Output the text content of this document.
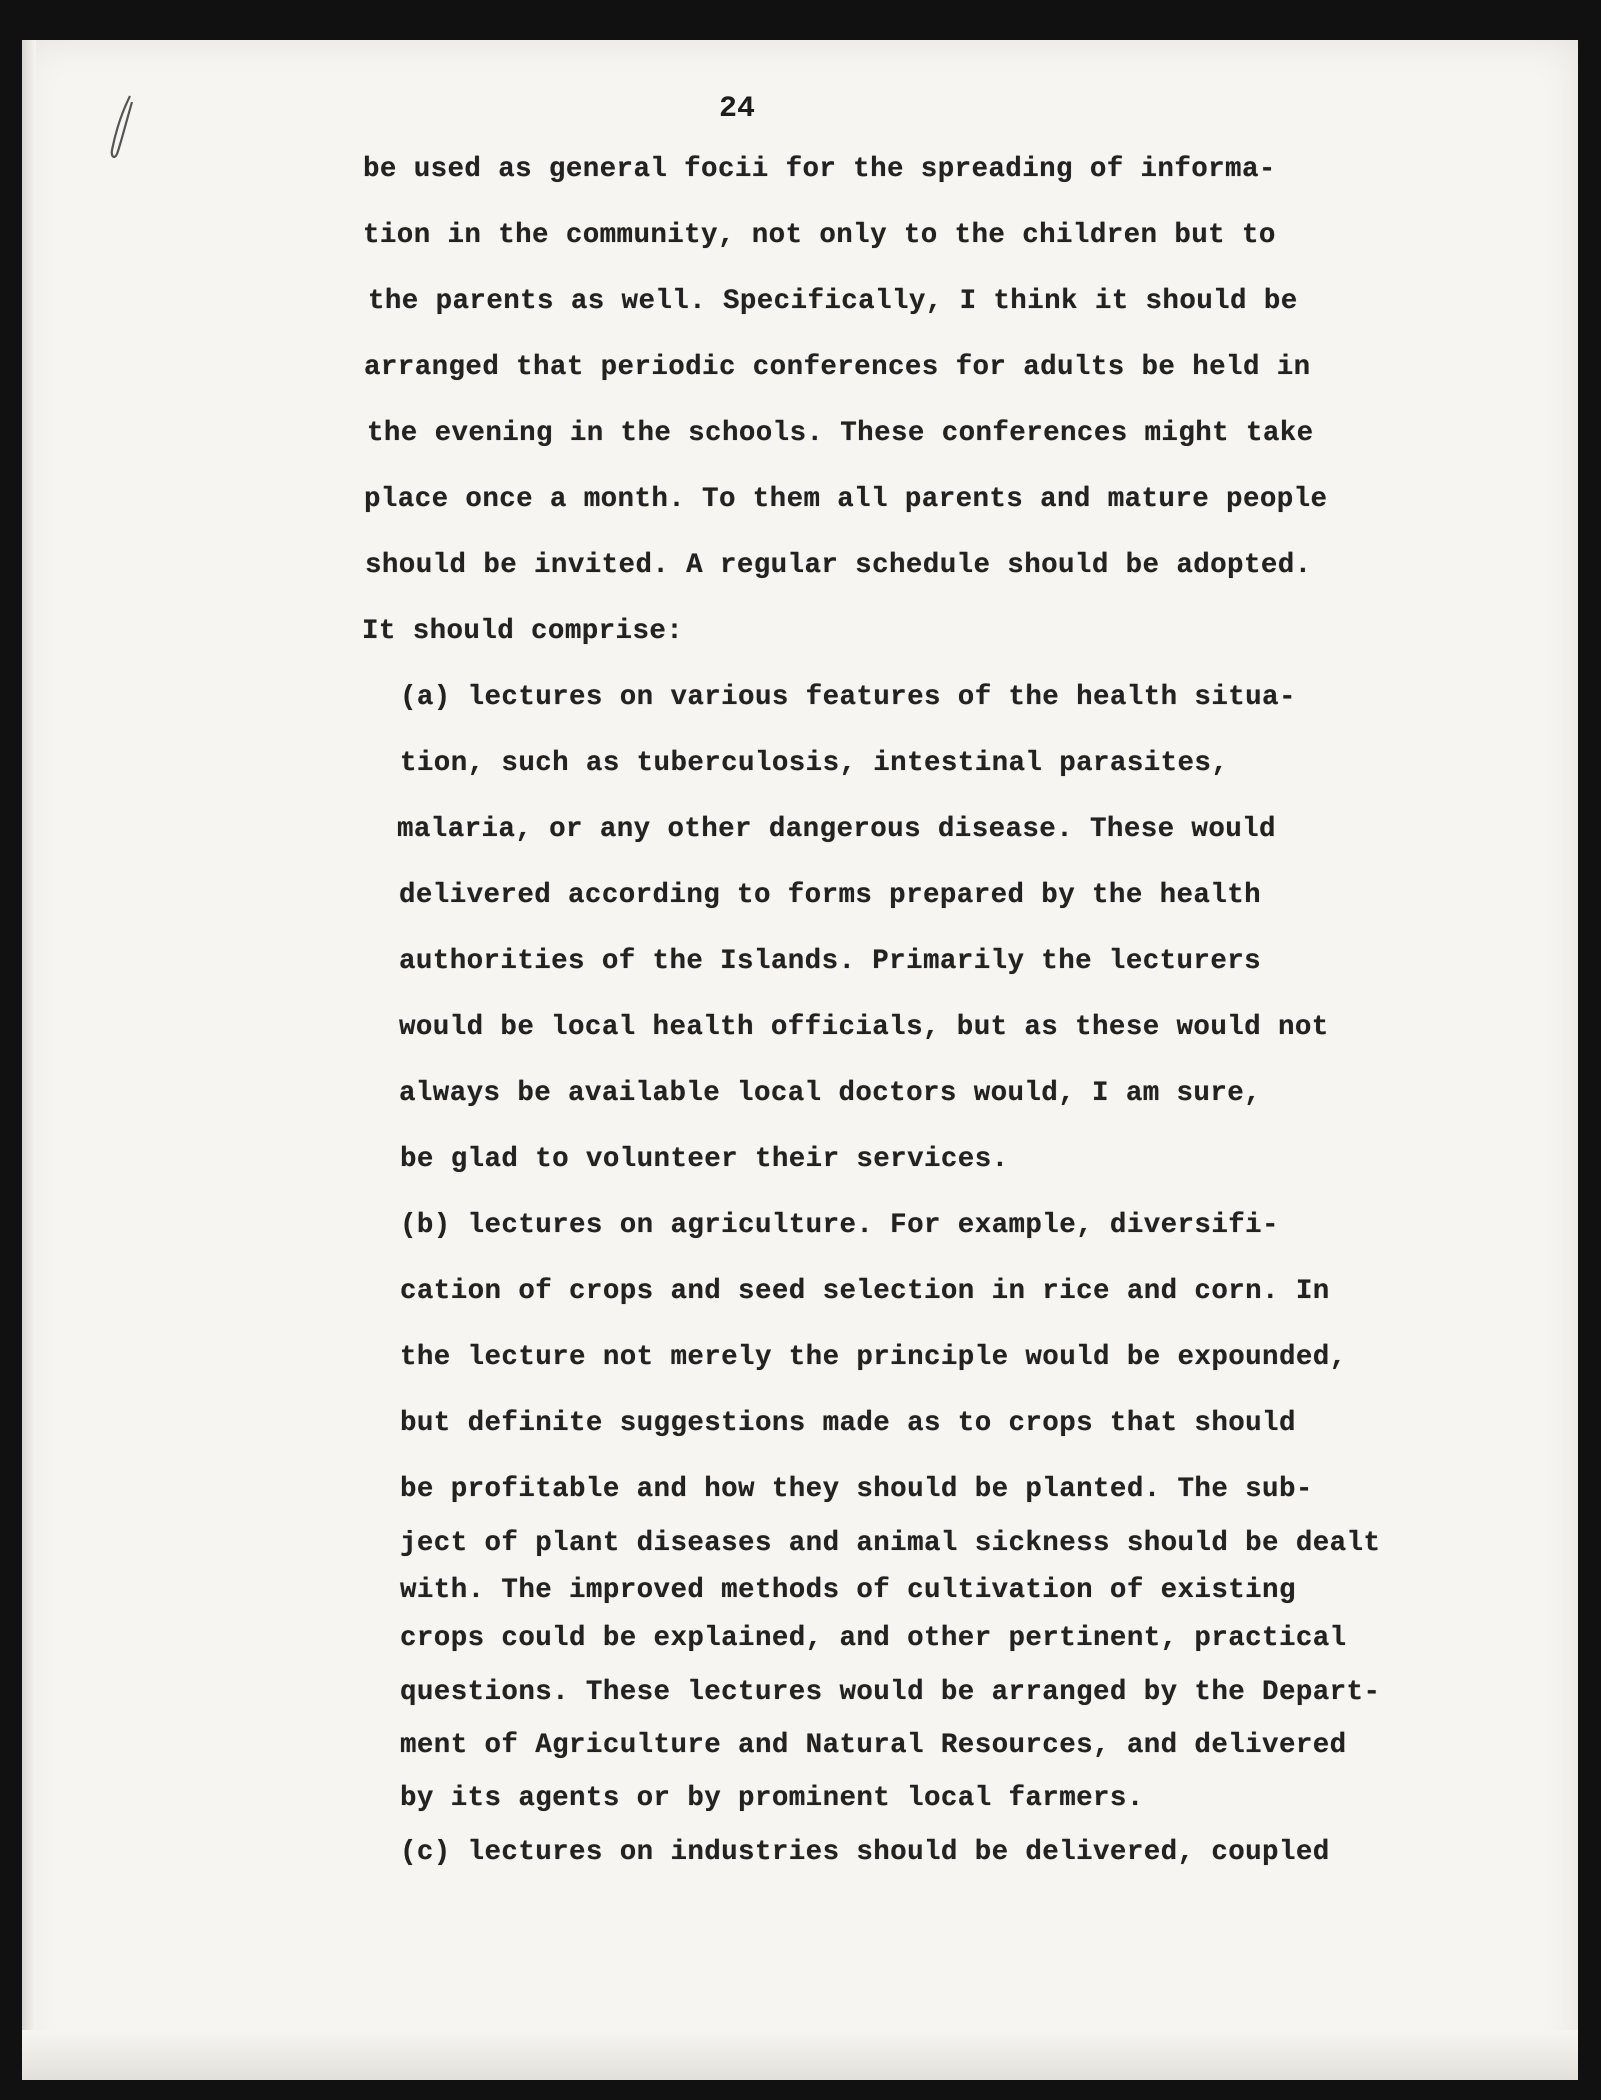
24
be used as general focii for the spreading of informa-
tion in the community, not only to the children but to
the parents as well. Specifically, I think it should be
arranged that periodic conferences for adults be held in
the evening in the schools. These conferences might take
place once a month. To them all parents and mature people
should be invited. A regular schedule should be adopted.
It should comprise:
(a) lectures on various features of the health situa-
tion, such as tuberculosis, intestinal parasites,
malaria, or any other dangerous disease. These would
delivered according to forms prepared by the health
authorities of the Islands. Primarily the lecturers
would be local health officials, but as these would not
always be available local doctors would, I am sure,
be glad to volunteer their services.
(b) lectures on agriculture. For example, diversifi-
cation of crops and seed selection in rice and corn. In
the lecture not merely the principle would be expounded,
but definite suggestions made as to crops that should
be profitable and how they should be planted. The sub-
ject of plant diseases and animal sickness should be dealt
with. The improved methods of cultivation of existing
crops could be explained, and other pertinent, practical
questions. These lectures would be arranged by the Depart-
ment of Agriculture and Natural Resources, and delivered
by its agents or by prominent local farmers.
(c) lectures on industries should be delivered, coupled
